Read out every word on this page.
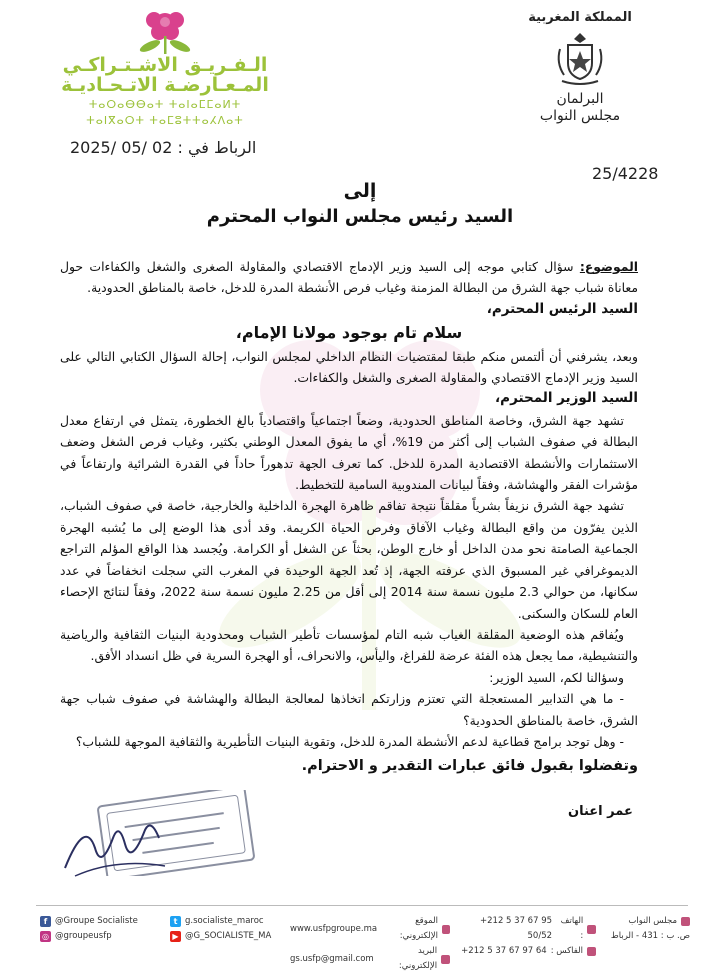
الـفـريـق الاشـتـراكـي
المـعـارضـة الاتـحـاديـة
ⵜⴰⵔⴰⴱⴱⴰⵜ ⵜⴰⵏⴰⵎⵎⴰⵍⵜ
ⵜⴰⵏⴳⴰⵔⵜ ⵜⴰⵎⵓⵜⵜⴰⵃⴷⴰⵜ
المملكة المغربية
البرلمان
مجلس النواب
الرباط في : 2025/ 05/ 02
25/4228
إلى
السيد رئيس مجلس النواب المحترم

الموضوع: سؤال كتابي موجه إلى السيد وزير الإدماج الاقتصادي والمقاولة الصغرى والشغل والكفاءات حول معاناة شباب جهة الشرق من البطالة المزمنة وغياب فرص الأنشطة المدرة للدخل، خاصة بالمناطق الحدودية.

السيد الرئيس المحترم،

سلام تام بوجود مولانا الإمام،

وبعد، يشرفني أن ألتمس منكم طبقا لمقتضيات النظام الداخلي لمجلس النواب، إحالة السؤال الكتابي التالي على السيد وزير الإدماج الاقتصادي والمقاولة الصغرى والشغل والكفاءات.

السيد الوزير المحترم،

تشهد جهة الشرق، وخاصة المناطق الحدودية، وضعاً اجتماعياً واقتصادياً بالغ الخطورة، يتمثل في ارتفاع معدل البطالة في صفوف الشباب إلى أكثر من 19%، أي ما يفوق المعدل الوطني بكثير، وغياب فرص الشغل وضعف الاستثمارات والأنشطة الاقتصادية المدرة للدخل. كما تعرف الجهة تدهوراً حاداً في القدرة الشرائية وارتفاعاً في مؤشرات الفقر والهشاشة، وفقاً لبيانات المندوبية السامية للتخطيط.

تشهد جهة الشرق نزيفاً بشرياً مقلقاً نتيجة تفاقم ظاهرة الهجرة الداخلية والخارجية، خاصة في صفوف الشباب، الذين يفرّون من واقع البطالة وغياب الآفاق وفرص الحياة الكريمة. وقد أدى هذا الوضع إلى ما يُشبه الهجرة الجماعية الصامتة نحو مدن الداخل أو خارج الوطن، بحثاً عن الشغل أو الكرامة. ويُجسد هذا الواقع المؤلم التراجع الديموغرافي غير المسبوق الذي عرفته الجهة، إذ تُعد الجهة الوحيدة في المغرب التي سجلت انخفاضاً في عدد سكانها، من حوالي 2.3 مليون نسمة سنة 2014 إلى أقل من 2.25 مليون نسمة سنة 2022، وفقاً لنتائج الإحصاء العام للسكان والسكنى.

ويُفاقم هذه الوضعية المقلقة الغياب شبه التام لمؤسسات تأطير الشباب ومحدودية البنيات الثقافية والرياضية والتنشيطية، مما يجعل هذه الفئة عرضة للفراغ، واليأس، والانحراف، أو الهجرة السرية في ظل انسداد الأفق.

وسؤالنا لكم، السيد الوزير:

- ما هي التدابير المستعجلة التي تعتزم وزارتكم اتخاذها لمعالجة البطالة والهشاشة في صفوف شباب جهة الشرق، خاصة بالمناطق الحدودية؟

- وهل توجد برامج قطاعية لدعم الأنشطة المدرة للدخل، وتقوية البنيات التأطيرية والثقافية الموجهة للشباب؟

وتفضلوا بقبول فائق عبارات التقدير و الاحترام.

عمر اعنان
f @Groupe Socialiste
◎ @groupeusfp
t g.socialiste_maroc
▶ @G_SOCIALISTE_MA
الموقع الإلكتروني:
www.usfpgroupe.ma
البريد الإلكتروني:
gs.usfp@gmail.com
الهاتف :
+212 5 37 67 95 50/52
الفاكس :
+212 5 37 67 97 64
مجلس النواب
ص. ب : 431 - الرباط
